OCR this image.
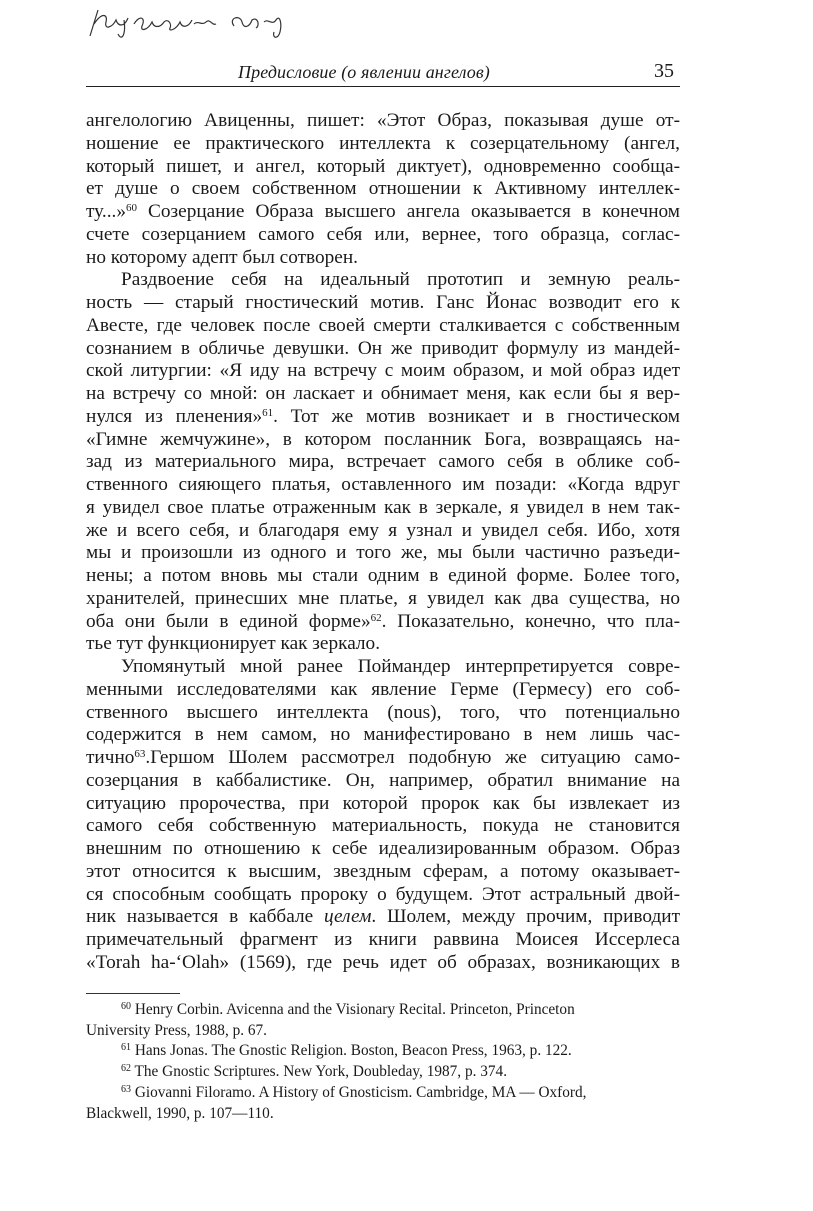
Предисловие (о явлении ангелов)	35
ангелологию Авиценны, пишет: «Этот Образ, показывая душе от-
ношение ее практического интеллекта к созерцательному (ангел,
который пишет, и ангел, который диктует), одновременно сообща-
ет душе о своем собственном отношении к Активному интеллек-
ту...»$^{60}$ Созерцание Образа высшего ангела оказывается в конечном
счете созерцанием самого себя или, вернее, того образца, соглас-
но которому адепт был сотворен.
Раздвоение себя на идеальный прототип и земную реаль-
ность — старый гностический мотив. Ганс Йонас возводит его к
Авесте, где человек после своей смерти сталкивается с собственным
сознанием в обличье девушки. Он же приводит формулу из мандей-
ской литургии: «Я иду на встречу с моим образом, и мой образ идет
на встречу со мной: он ласкает и обнимает меня, как если бы я вер-
нулся из пленения»$^{61}$. Тот же мотив возникает и в гностическом
«Гимне жемчужине», в котором посланник Бога, возвращаясь на-
зад из материального мира, встречает самого себя в облике соб-
ственного сияющего платья, оставленного им позади: «Когда вдруг
я увидел свое платье отраженным как в зеркале, я увидел в нем так-
же и всего себя, и благодаря ему я узнал и увидел себя. Ибо, хотя
мы и произошли из одного и того же, мы были частично разъеди-
нены; а потом вновь мы стали одним в единой форме. Более того,
хранителей, принесших мне платье, я увидел как два существа, но
оба они были в единой форме»$^{62}$. Показательно, конечно, что пла-
тье тут функционирует как зеркало.
Упомянутый мной ранее Поймандер интерпретируется совре-
менными исследователями как явление Герме (Гермесу) его соб-
ственного высшего интеллекта (nous), того, что потенциально
содержится в нем самом, но манифестировано в нем лишь час-
тично$^{63}$.Гершом Шолем рассмотрел подобную же ситуацию само-
созерцания в каббалистике. Он, например, обратил внимание на
ситуацию пророчества, при которой пророк как бы извлекает из
самого себя собственную материальность, покуда не становится
внешним по отношению к себе идеализированным образом. Образ
этот относится к высшим, звездным сферам, а потому оказывает-
ся способным сообщать пророку о будущем. Этот астральный двой-
ник называется в каббале целем. Шолем, между прочим, приводит
примечательный фрагмент из книги раввина Моисея Иссерлеса
«Torah ha-‘Olah» (1569), где речь идет об образах, возникающих в
$^{60}$ Henry Corbin. Avicenna and the Visionary Recital. Princeton, Princeton
University Press, 1988, p. 67.
$^{61}$ Hans Jonas. The Gnostic Religion. Boston, Beacon Press, 1963, p. 122.
$^{62}$ The Gnostic Scriptures. New York, Doubleday, 1987, p. 374.
$^{63}$ Giovanni Filoramo. A History of Gnosticism. Cambridge, MA — Oxford,
Blackwell, 1990, p. 107—110.
